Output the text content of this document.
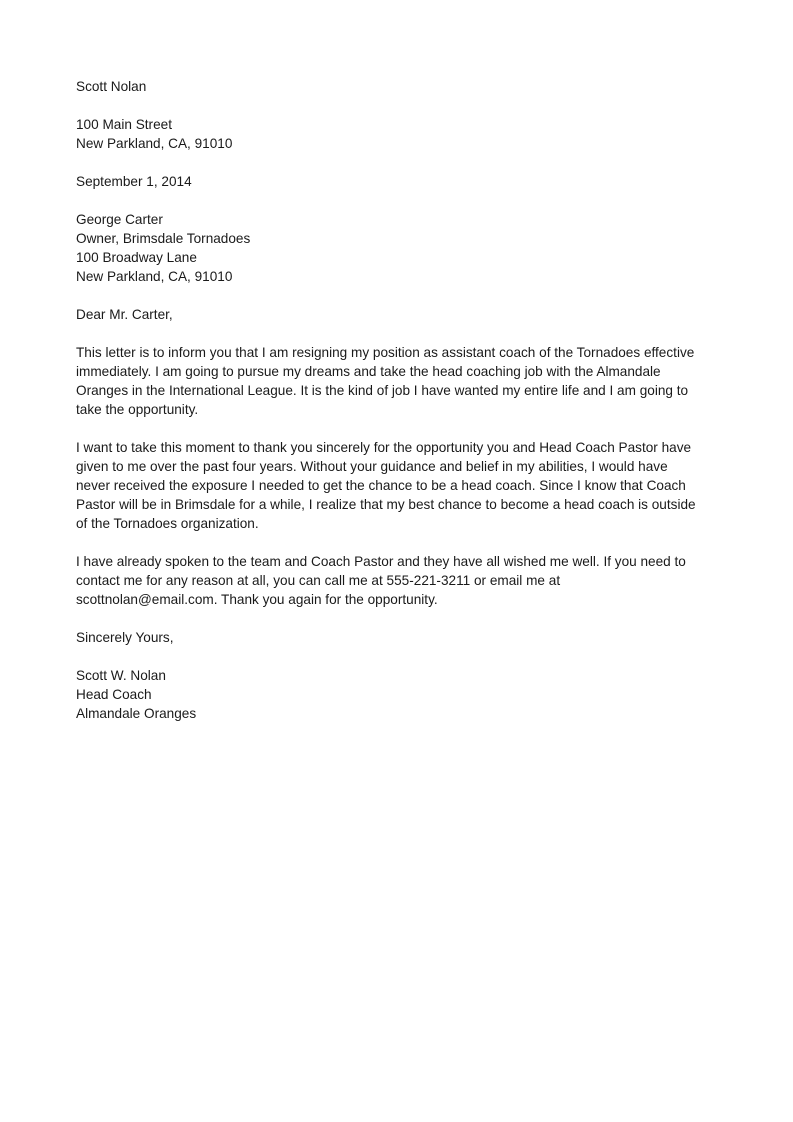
Scott Nolan
100 Main Street
New Parkland, CA, 91010
September 1, 2014
George Carter
Owner, Brimsdale Tornadoes
100 Broadway Lane
New Parkland, CA, 91010
Dear Mr. Carter,
This letter is to inform you that I am resigning my position as assistant coach of the Tornadoes effective
immediately. I am going to pursue my dreams and take the head coaching job with the Almandale
Oranges in the International League. It is the kind of job I have wanted my entire life and I am going to
take the opportunity.
I want to take this moment to thank you sincerely for the opportunity you and Head Coach Pastor have
given to me over the past four years. Without your guidance and belief in my abilities, I would have
never received the exposure I needed to get the chance to be a head coach. Since I know that Coach
Pastor will be in Brimsdale for a while, I realize that my best chance to become a head coach is outside
of the Tornadoes organization.
I have already spoken to the team and Coach Pastor and they have all wished me well. If you need to
contact me for any reason at all, you can call me at 555-221-3211 or email me at
scottnolan@email.com. Thank you again for the opportunity.
Sincerely Yours,
Scott W. Nolan
Head Coach
Almandale Oranges
